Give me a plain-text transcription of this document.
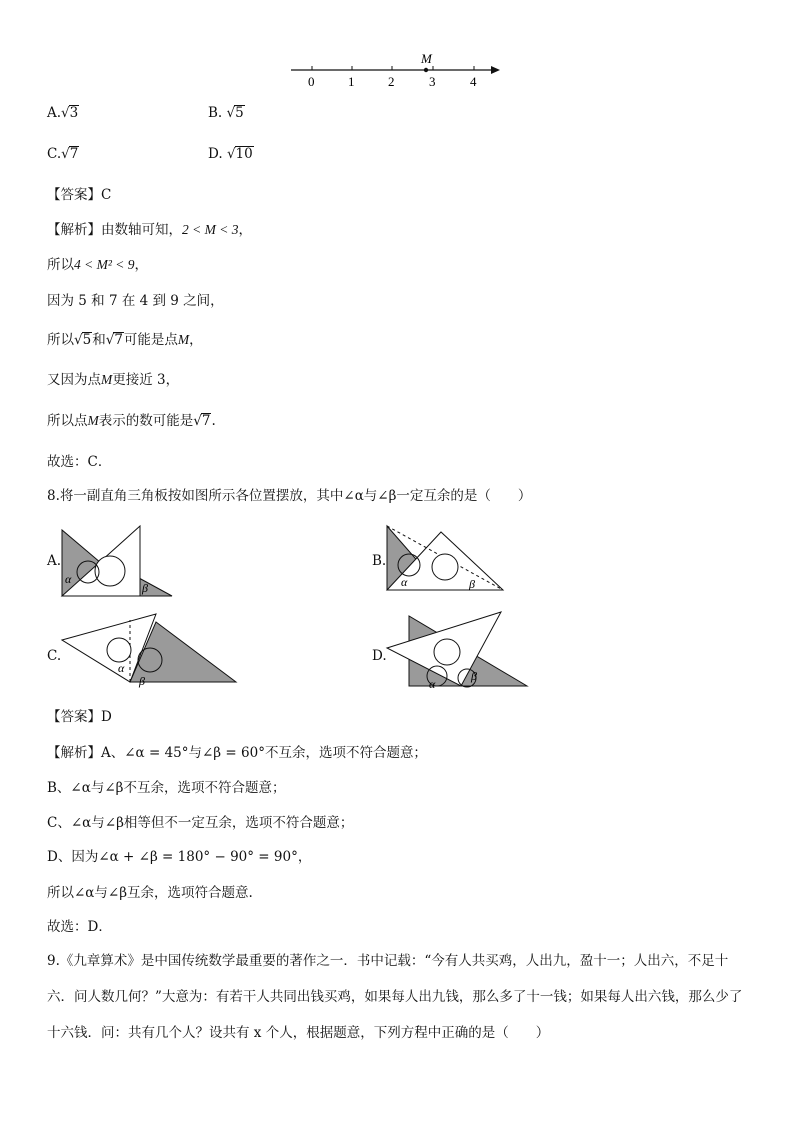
M
0	1	2	3	4
A.√3	B. √5
C.√7	D. √10
【答案】C
【解析】由数轴可知，2 < M < 3，
所以4 < M² < 9，
因为 5 和 7 在 4 到 9 之间，
所以√5和√7可能是点M，
又因为点M更接近 3，
所以点M表示的数可能是√7.
故选：C．
8.将一副直角三角板按如图所示各位置摆放，其中∠α与∠β一定互余的是（　　）
A.
α
β
B.
α	β
C.
α
β
D.
α
β
【答案】D
【解析】A、∠α = 45°与∠β = 60°不互余，选项不符合题意；
B、∠α与∠β不互余，选项不符合题意；
C、∠α与∠β相等但不一定互余，选项不符合题意；
D、因为∠α + ∠β = 180° − 90° = 90°，
所以∠α与∠β互余，选项符合题意.
故选：D．
9.《九章算术》是中国传统数学最重要的著作之一．书中记载：“今有人共买鸡，人出九，盈十一；人出六，不足十六．问人数几何？”大意为：有若干人共同出钱买鸡，如果每人出九钱，那么多了十一钱；如果每人出六钱，那么少了十六钱．问：共有几个人？设共有 x 个人，根据题意，下列方程中正确的是（　　）
